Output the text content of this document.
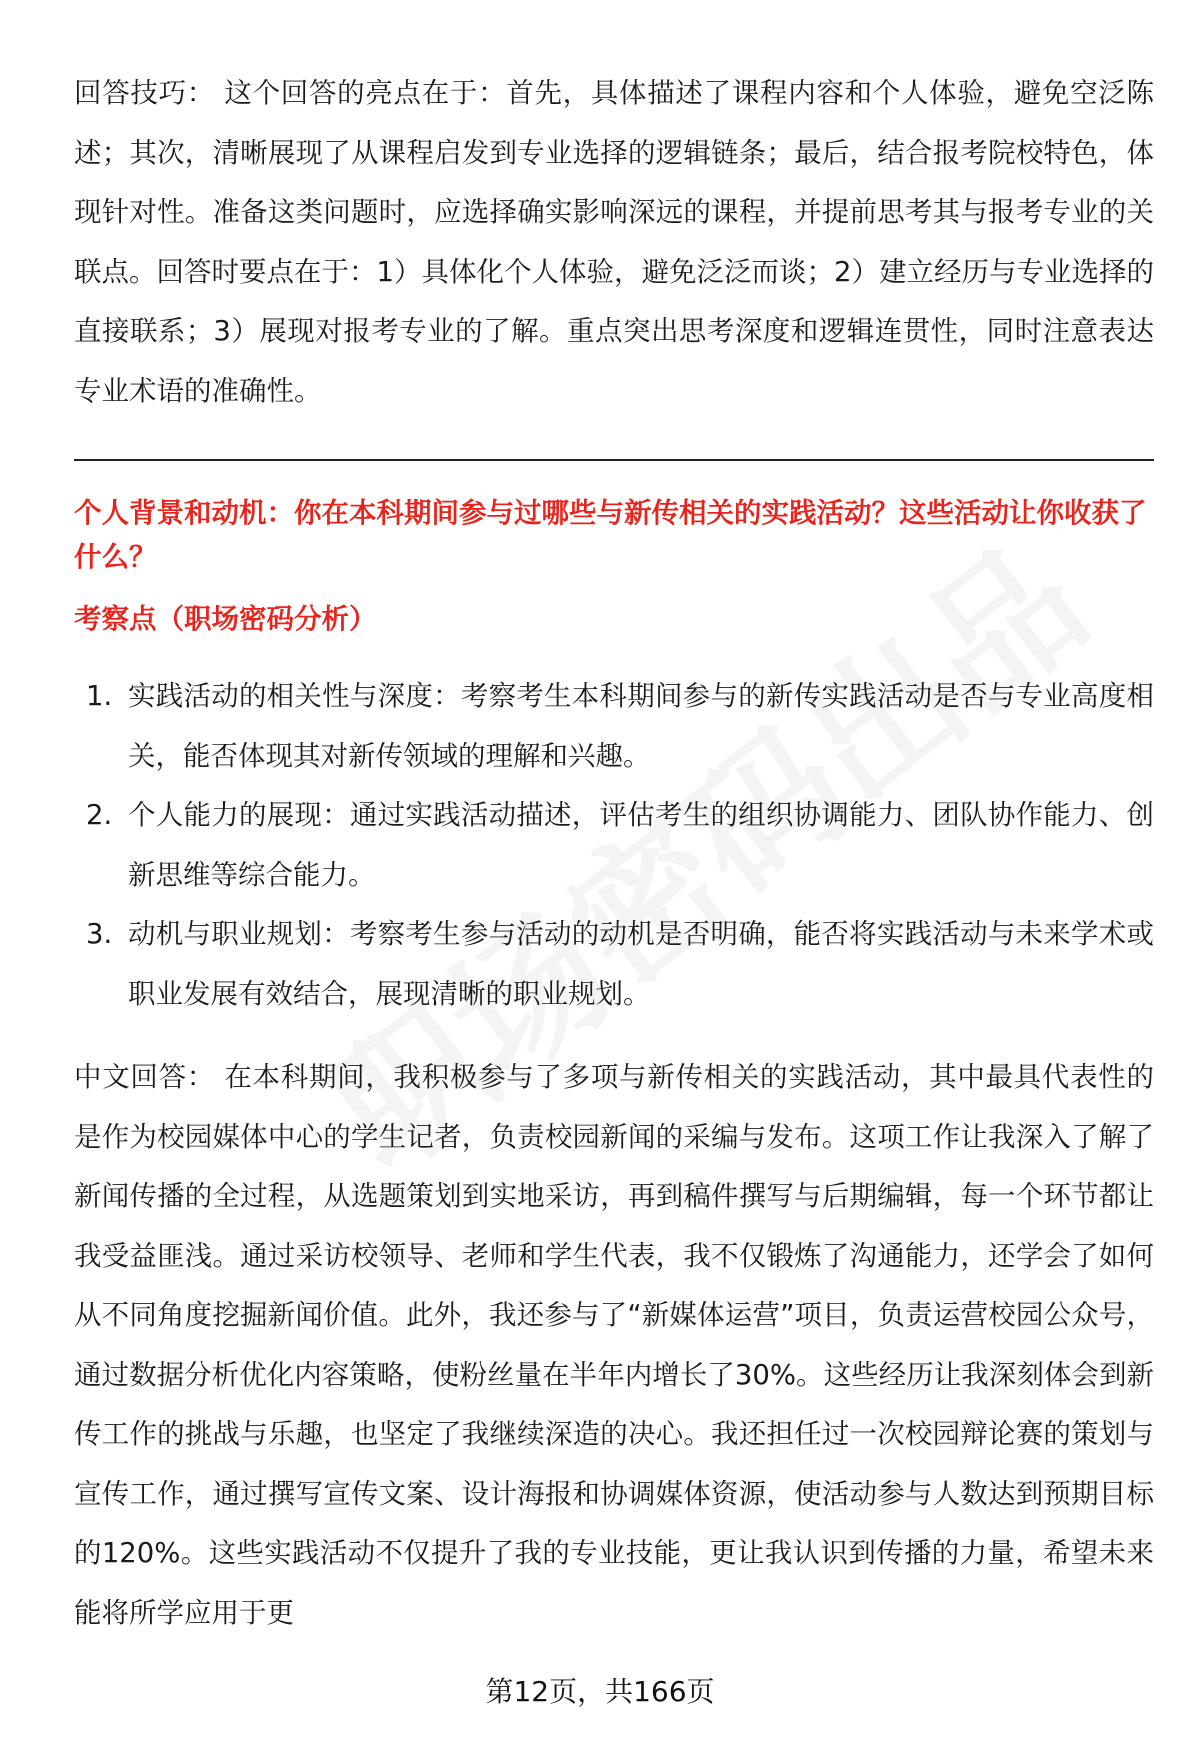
回答技巧： 这个回答的亮点在于：首先，具体描述了课程内容和个人体验，避免空泛陈述；其次，清晰展现了从课程启发到专业选择的逻辑链条；最后，结合报考院校特色，体现针对性。准备这类问题时，应选择确实影响深远的课程，并提前思考其与报考专业的关联点。回答时要点在于：1）具体化个人体验，避免泛泛而谈；2）建立经历与专业选择的直接联系；3）展现对报考专业的了解。重点突出思考深度和逻辑连贯性，同时注意表达专业术语的准确性。

个人背景和动机：你在本科期间参与过哪些与新传相关的实践活动？这些活动让你收获了什么？

考察点（职场密码分析）

1. 实践活动的相关性与深度：考察考生本科期间参与的新传实践活动是否与专业高度相关，能否体现其对新传领域的理解和兴趣。
2. 个人能力的展现：通过实践活动描述，评估考生的组织协调能力、团队协作能力、创新思维等综合能力。
3. 动机与职业规划：考察考生参与活动的动机是否明确，能否将实践活动与未来学术或职业发展有效结合，展现清晰的职业规划。

中文回答： 在本科期间，我积极参与了多项与新传相关的实践活动，其中最具代表性的是作为校园媒体中心的学生记者，负责校园新闻的采编与发布。这项工作让我深入了解了新闻传播的全过程，从选题策划到实地采访，再到稿件撰写与后期编辑，每一个环节都让我受益匪浅。通过采访校领导、老师和学生代表，我不仅锻炼了沟通能力，还学会了如何从不同角度挖掘新闻价值。此外，我还参与了“新媒体运营”项目，负责运营校园公众号，通过数据分析优化内容策略，使粉丝量在半年内增长了30%。这些经历让我深刻体会到新传工作的挑战与乐趣，也坚定了我继续深造的决心。我还担任过一次校园辩论赛的策划与宣传工作，通过撰写宣传文案、设计海报和协调媒体资源，使活动参与人数达到预期目标的120%。这些实践活动不仅提升了我的专业技能，更让我认识到传播的力量，希望未来能将所学应用于更

第12页，共166页
